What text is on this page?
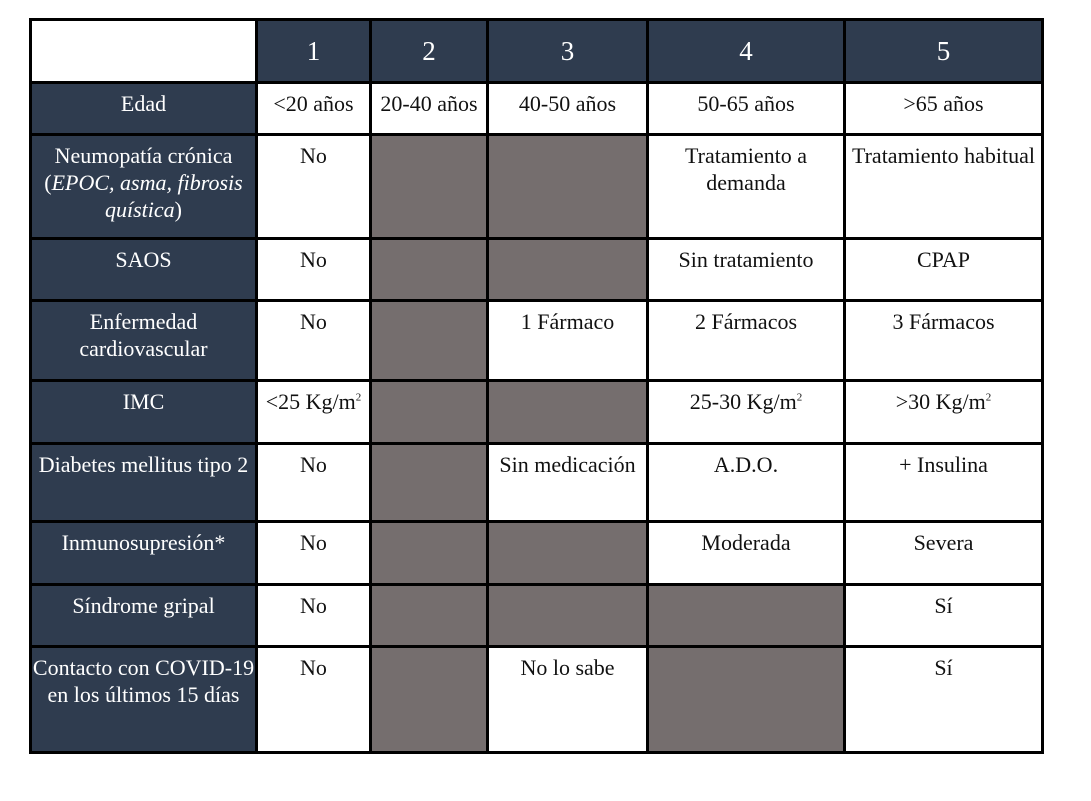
	1	2	3	4	5
Edad	<20 años	20-40 años	40-50 años	50-65 años	>65 años
Neumopatía crónica
(EPOC, asma, fibrosis quística)	No			Tratamiento a demanda	Tratamiento habitual
SAOS	No			Sin tratamiento	CPAP
Enfermedad cardiovascular	No		1 Fármaco	2 Fármacos	3 Fármacos
IMC	<25 $Kg/m^2$			25-30 $Kg/m^2$	>30 $Kg/m^2$
Diabetes mellitus tipo 2	No		Sin medicación	A.D.O.	+ Insulina
Inmunosupresión*	No			Moderada	Severa
Síndrome gripal	No				Sí
Contacto con COVID-19 en los últimos 15 días	No		No lo sabe		Sí
